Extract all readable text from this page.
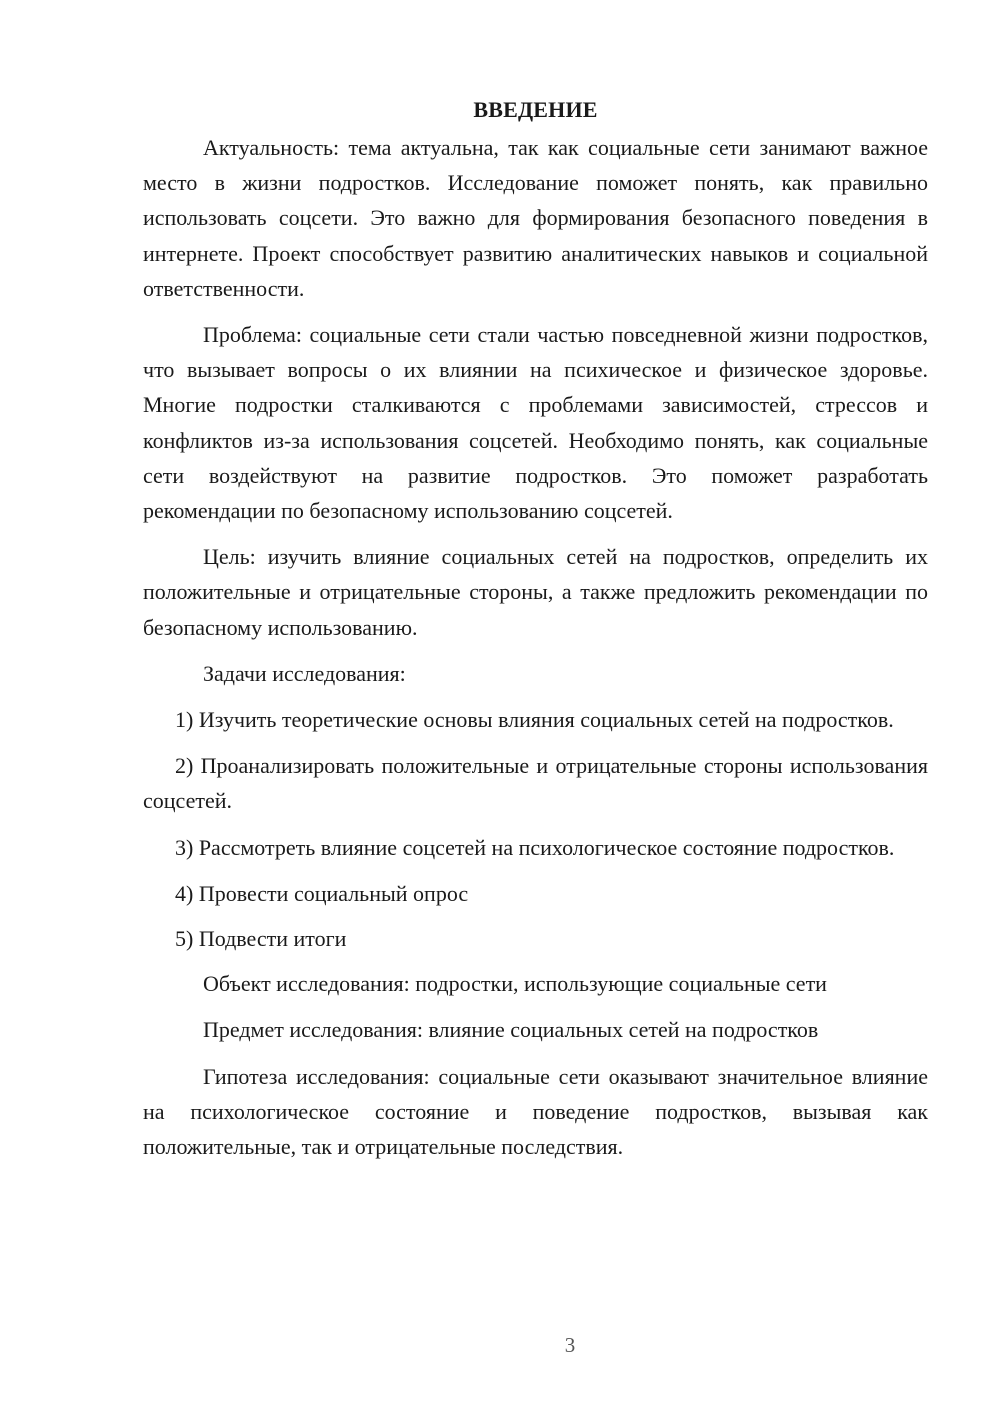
ВВЕДЕНИЕ

Актуальность: тема актуальна, так как социальные сети занимают важное место в жизни подростков. Исследование поможет понять, как правильно использовать соцсети. Это важно для формирования безопасного поведения в интернете. Проект способствует развитию аналитических навыков и социальной ответственности.

Проблема: социальные сети стали частью повседневной жизни подростков, что вызывает вопросы о их влиянии на психическое и физическое здоровье. Многие подростки сталкиваются с проблемами зависимостей, стрессов и конфликтов из-за использования соцсетей. Необходимо понять, как социальные сети воздействуют на развитие подростков. Это поможет разработать рекомендации по безопасному использованию соцсетей.

Цель: изучить влияние социальных сетей на подростков, определить их положительные и отрицательные стороны, а также предложить рекомендации по безопасному использованию.

Задачи исследования:

1) Изучить теоретические основы влияния социальных сетей на подростков.

2) Проанализировать положительные и отрицательные стороны использования соцсетей.

3) Рассмотреть влияние соцсетей на психологическое состояние подростков.

4) Провести социальный опрос

5) Подвести итоги

Объект исследования: подростки, использующие социальные сети

Предмет исследования: влияние социальных сетей на подростков

Гипотеза исследования: социальные сети оказывают значительное влияние на психологическое состояние и поведение подростков, вызывая как положительные, так и отрицательные последствия.

3
